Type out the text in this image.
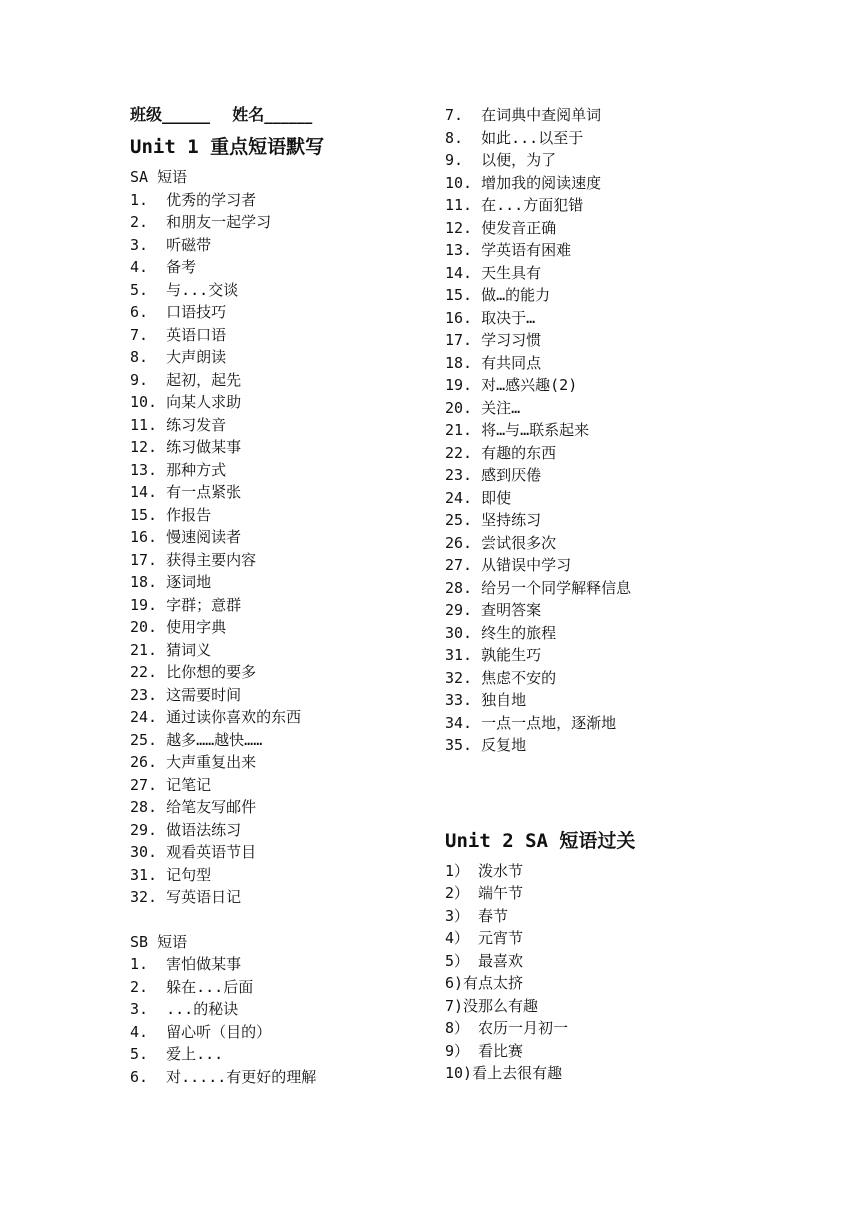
班级______ 姓名______
Unit 1 重点短语默写
SA 短语
1.  优秀的学习者
2.  和朋友一起学习
3.  听磁带
4.  备考
5.  与...交谈
6.  口语技巧
7.  英语口语
8.  大声朗读
9.  起初，起先
10. 向某人求助
11. 练习发音
12. 练习做某事
13. 那种方式
14. 有一点紧张
15. 作报告
16. 慢速阅读者
17. 获得主要内容
18. 逐词地
19. 字群；意群
20. 使用字典
21. 猜词义
22. 比你想的要多
23. 这需要时间
24. 通过读你喜欢的东西
25. 越多……越快……
26. 大声重复出来
27. 记笔记
28. 给笔友写邮件
29. 做语法练习
30. 观看英语节目
31. 记句型
32. 写英语日记
SB 短语
1.  害怕做某事
2.  躲在...后面
3.  ...的秘诀
4.  留心听（目的）
5.  爱上...
6.  对.....有更好的理解
7.  在词典中查阅单词
8.  如此...以至于
9.  以便，为了
10. 增加我的阅读速度
11. 在...方面犯错
12. 使发音正确
13. 学英语有困难
14. 天生具有
15. 做…的能力
16. 取决于…
17. 学习习惯
18. 有共同点
19. 对…感兴趣(2)
20. 关注…
21. 将…与…联系起来
22. 有趣的东西
23. 感到厌倦
24. 即使
25. 坚持练习
26. 尝试很多次
27. 从错误中学习
28. 给另一个同学解释信息
29. 查明答案
30. 终生的旅程
31. 孰能生巧
32. 焦虑不安的
33. 独自地
34. 一点一点地，逐渐地
35. 反复地
Unit 2 SA 短语过关
1） 泼水节
2） 端午节
3） 春节
4） 元宵节
5） 最喜欢
6)有点太挤
7)没那么有趣
8） 农历一月初一
9） 看比赛
10)看上去很有趣
